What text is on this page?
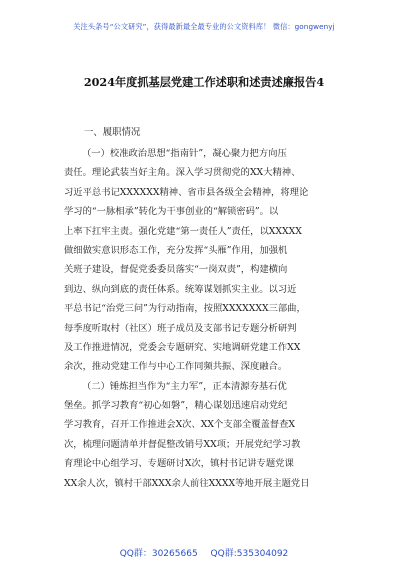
关注头条号“公文研究”，获得最新最全最专业的公文资料库！ 微信：gongwenyj
2024年度抓基层党建工作述职和述责述廉报告4
一、履职情况
（一）校准政治思想“指南针”，凝心聚力把方向压
责任。理论武装当好主角。深入学习贯彻党的XX大精神、
习近平总书记XXXXXX精神、省市县各级全会精神，将理论
学习的“一脉相承”转化为干事创业的“解锁密码”。以
上率下扛牢主责。强化党建“第一责任人”责任，以XXXXX
做细做实意识形态工作，充分发挥“头雁”作用，加强机
关班子建设，督促党委委员落实“一岗双责”，构建横向
到边、纵向到底的责任体系。统筹谋划抓实主业。以习近
平总书记“治党三问”为行动指南，按照XXXXXXX三部曲，
每季度听取村（社区）班子成员及支部书记专题分析研判
及工作推进情况，党委会专题研究、实地调研党建工作XX
余次，推动党建工作与中心工作同频共振、深度融合。
（二）锤炼担当作为“主力军”，正本清源夯基石优
堡垒。抓学习教育“初心如磐”，精心谋划迅速启动党纪
学习教育，召开工作推进会X次、XX个支部全覆盖督查X
次，梳理问题清单并督促整改销号XX项；开展党纪学习教
育理论中心组学习、专题研讨X次，镇村书记讲专题党课
XX余人次，镇村干部XXX余人前往XXXX等地开展主题党日
QQ群：30265665 QQ群:535304092
